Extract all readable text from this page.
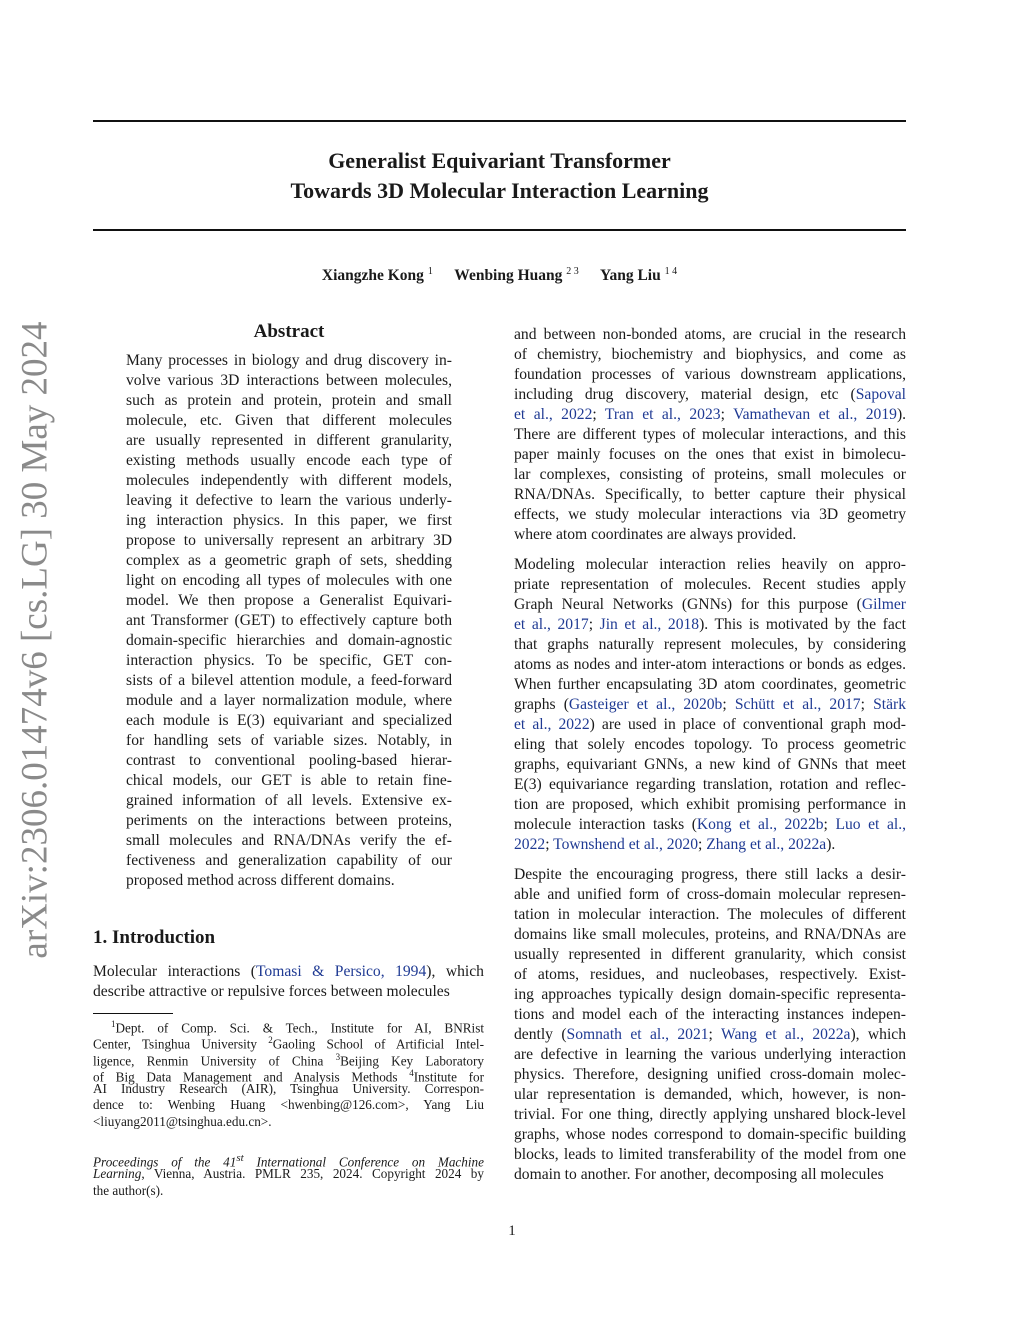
Generalist Equivariant Transformer
Towards 3D Molecular Interaction Learning
Xiangzhe Kong $^1$ Wenbing Huang $^{2 3}$ Yang Liu $^{1 4}$
arXiv:2306.01474v6 [cs.LG] 30 May 2024	Abstract
Many processes in biology and drug discovery in-
volve various 3D interactions between molecules,
such as protein and protein, protein and small
molecule, etc. Given that different molecules
are usually represented in different granularity,
existing methods usually encode each type of
molecules independently with different models,
leaving it defective to learn the various underly-
ing interaction physics. In this paper, we first
propose to universally represent an arbitrary 3D
complex as a geometric graph of sets, shedding
light on encoding all types of molecules with one
model. We then propose a Generalist Equivari-
ant Transformer (GET) to effectively capture both
domain-specific hierarchies and domain-agnostic
interaction physics. To be specific, GET con-
sists of a bilevel attention module, a feed-forward
module and a layer normalization module, where
each module is E(3) equivariant and specialized
for handling sets of variable sizes. Notably, in
contrast to conventional pooling-based hierar-
chical models, our GET is able to retain fine-
grained information of all levels. Extensive ex-
periments on the interactions between proteins,
small molecules and RNA/DNAs verify the ef-
fectiveness and generalization capability of our
proposed method across different domains.
1. Introduction
Molecular interactions (Tomasi & Persico, 1994), which
describe attractive or repulsive forces between molecules
$^1$Dept. of Comp. Sci. & Tech., Institute for AI, BNRist
Center, Tsinghua University $^2$Gaoling School of Artificial Intel-
ligence, Renmin University of China $^3$Beijing Key Laboratory
of Big Data Management and Analysis Methods $^4$Institute for
AI Industry Research (AIR), Tsinghua University. Correspon-
dence to: Wenbing Huang <hwenbing@126.com>, Yang Liu
<liuyang2011@tsinghua.edu.cn>.
Proceedings of the 41st International Conference on Machine
Learning, Vienna, Austria. PMLR 235, 2024. Copyright 2024 by
the author(s).
and between non-bonded atoms, are crucial in the research
of chemistry, biochemistry and biophysics, and come as
foundation processes of various downstream applications,
including drug discovery, material design, etc (Sapoval
et al., 2022; Tran et al., 2023; Vamathevan et al., 2019).
There are different types of molecular interactions, and this
paper mainly focuses on the ones that exist in bimolecu-
lar complexes, consisting of proteins, small molecules or
RNA/DNAs. Specifically, to better capture their physical
effects, we study molecular interactions via 3D geometry
where atom coordinates are always provided.
Modeling molecular interaction relies heavily on appro-
priate representation of molecules. Recent studies apply
Graph Neural Networks (GNNs) for this purpose (Gilmer
et al., 2017; Jin et al., 2018). This is motivated by the fact
that graphs naturally represent molecules, by considering
atoms as nodes and inter-atom interactions or bonds as edges.
When further encapsulating 3D atom coordinates, geometric
graphs (Gasteiger et al., 2020b; Schütt et al., 2017; Stärk
et al., 2022) are used in place of conventional graph mod-
eling that solely encodes topology. To process geometric
graphs, equivariant GNNs, a new kind of GNNs that meet
E(3) equivariance regarding translation, rotation and reflec-
tion are proposed, which exhibit promising performance in
molecule interaction tasks (Kong et al., 2022b; Luo et al.,
2022; Townshend et al., 2020; Zhang et al., 2022a).
Despite the encouraging progress, there still lacks a desir-
able and unified form of cross-domain molecular represen-
tation in molecular interaction. The molecules of different
domains like small molecules, proteins, and RNA/DNAs are
usually represented in different granularity, which consist
of atoms, residues, and nucleobases, respectively. Exist-
ing approaches typically design domain-specific representa-
tions and model each of the interacting instances indepen-
dently (Somnath et al., 2021; Wang et al., 2022a), which
are defective in learning the various underlying interaction
physics. Therefore, designing unified cross-domain molec-
ular representation is demanded, which, however, is non-
trivial. For one thing, directly applying unshared block-level
graphs, whose nodes correspond to domain-specific building
blocks, leads to limited transferability of the model from one
domain to another. For another, decomposing all molecules
1
